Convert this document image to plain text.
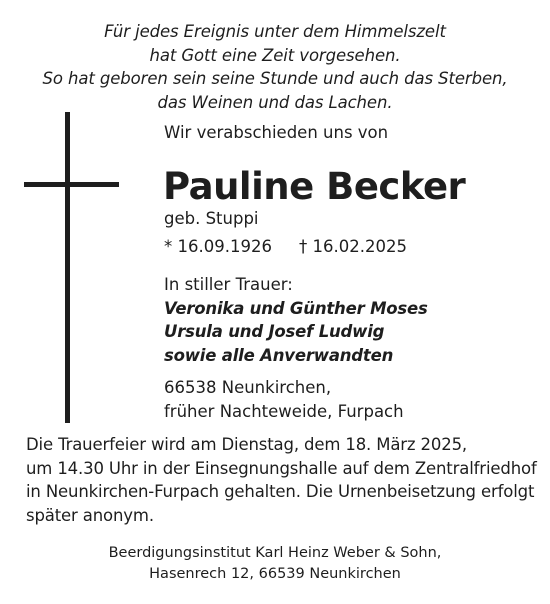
Für jedes Ereignis unter dem Himmelszelt
hat Gott eine Zeit vorgesehen.
So hat geboren sein seine Stunde und auch das Sterben,
das Weinen und das Lachen.
Wir verabschieden uns von
Pauline Becker
geb. Stuppi
* 16.09.1926 † 16.02.2025
In stiller Trauer:
Veronika und Günther Moses
Ursula und Josef Ludwig
sowie alle Anverwandten
66538 Neunkirchen,
früher Nachteweide, Furpach
Die Trauerfeier wird am Dienstag, dem 18. März 2025,
um 14.30 Uhr in der Einsegnungshalle auf dem Zentralfriedhof
in Neunkirchen-Furpach gehalten. Die Urnenbeisetzung erfolgt
später anonym.
Beerdigungsinstitut Karl Heinz Weber & Sohn,
Hasenrech 12, 66539 Neunkirchen
